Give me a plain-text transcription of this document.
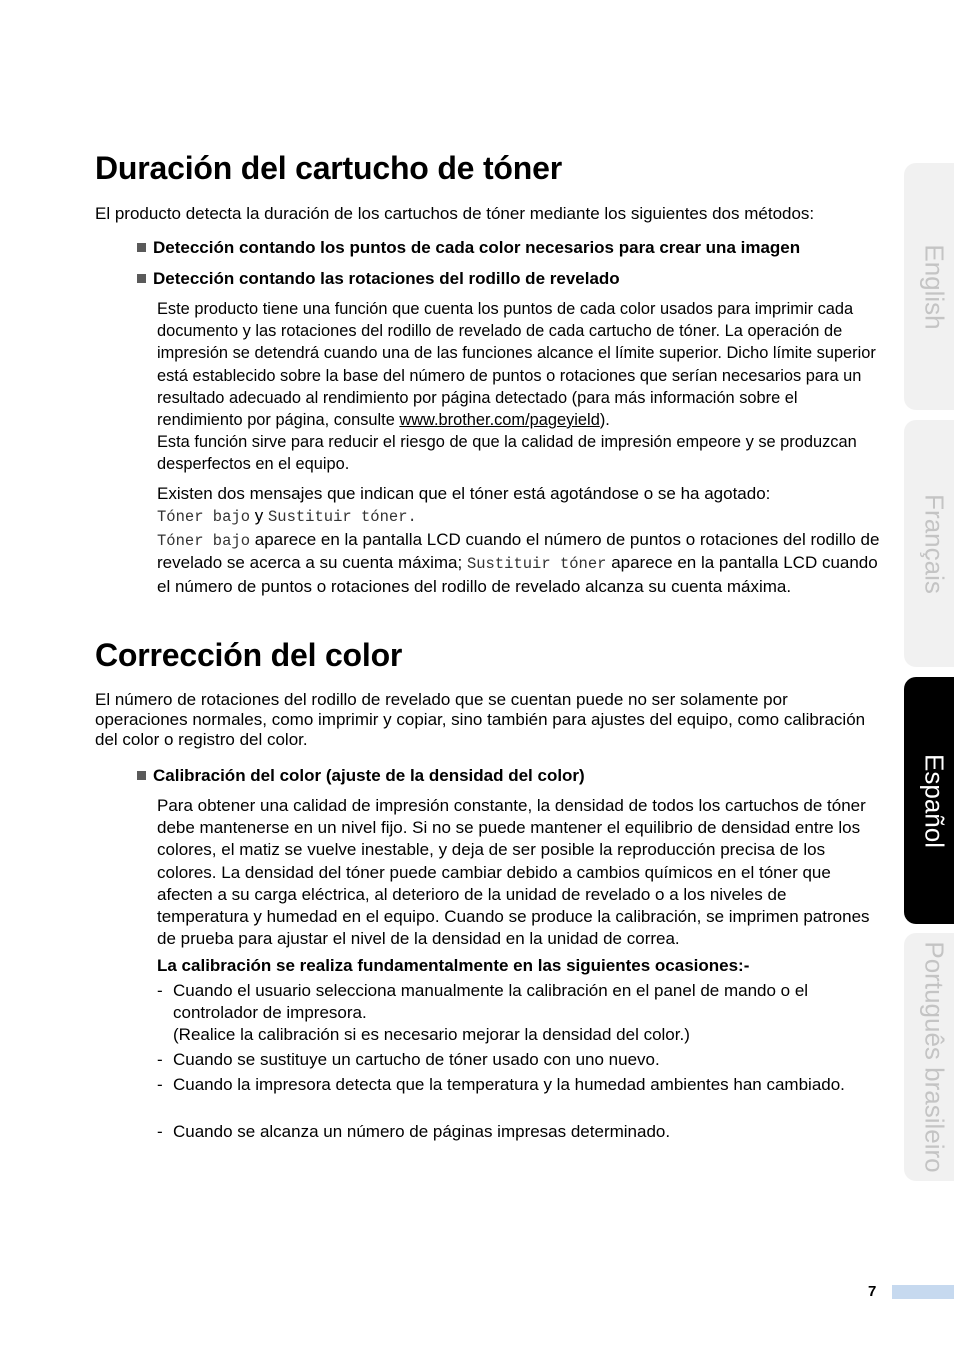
Duración del cartucho de tóner

El producto detecta la duración de los cartuchos de tóner mediante los siguientes dos métodos:

Detección contando los puntos de cada color necesarios para crear una imagen
Detección contando las rotaciones del rodillo de revelado

Este producto tiene una función que cuenta los puntos de cada color usados para imprimir cada documento y las rotaciones del rodillo de revelado de cada cartucho de tóner. La operación de impresión se detendrá cuando una de las funciones alcance el límite superior. Dicho límite superior está establecido sobre la base del número de puntos o rotaciones que serían necesarios para un resultado adecuado al rendimiento por página detectado (para más información sobre el rendimiento por página, consulte www.brother.com/pageyield).
Esta función sirve para reducir el riesgo de que la calidad de impresión empeore y se produzcan desperfectos en el equipo.

Existen dos mensajes que indican que el tóner está agotándose o se ha agotado:
Tóner bajo y Sustituir tóner.
Tóner bajo aparece en la pantalla LCD cuando el número de puntos o rotaciones del rodillo de revelado se acerca a su cuenta máxima; Sustituir tóner aparece en la pantalla LCD cuando el número de puntos o rotaciones del rodillo de revelado alcanza su cuenta máxima.

Corrección del color

El número de rotaciones del rodillo de revelado que se cuentan puede no ser solamente por operaciones normales, como imprimir y copiar, sino también para ajustes del equipo, como calibración del color o registro del color.

Calibración del color (ajuste de la densidad del color)

Para obtener una calidad de impresión constante, la densidad de todos los cartuchos de tóner debe mantenerse en un nivel fijo. Si no se puede mantener el equilibrio de densidad entre los colores, el matiz se vuelve inestable, y deja de ser posible la reproducción precisa de los colores. La densidad del tóner puede cambiar debido a cambios químicos en el tóner que afecten a su carga eléctrica, al deterioro de la unidad de revelado o a los niveles de temperatura y humedad en el equipo. Cuando se produce la calibración, se imprimen patrones de prueba para ajustar el nivel de la densidad en la unidad de correa.

La calibración se realiza fundamentalmente en las siguientes ocasiones:-

- Cuando el usuario selecciona manualmente la calibración en el panel de mando o el controlador de impresora.
(Realice la calibración si es necesario mejorar la densidad del color.)
- Cuando se sustituye un cartucho de tóner usado con uno nuevo.
- Cuando la impresora detecta que la temperatura y la humedad ambientes han cambiado.
- Cuando se alcanza un número de páginas impresas determinado.
English
Français
Español
Português brasileiro
7
